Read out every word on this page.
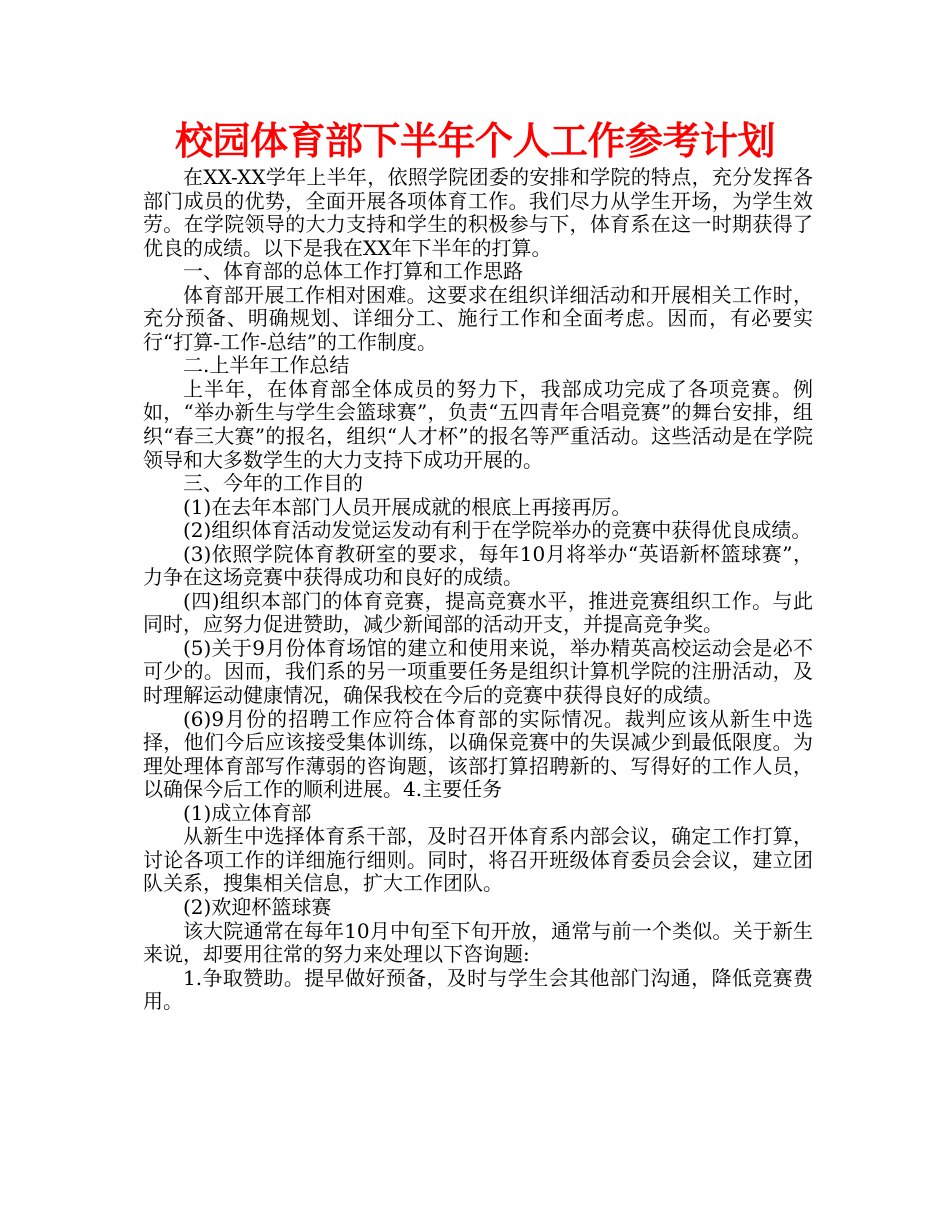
校园体育部下半年个人工作参考计划

在XX-XX学年上半年，依照学院团委的安排和学院的特点，充分发挥各部门成员的优势，全面开展各项体育工作。我们尽力从学生开场，为学生效劳。在学院领导的大力支持和学生的积极参与下，体育系在这一时期获得了优良的成绩。以下是我在XX年下半年的打算。

一、体育部的总体工作打算和工作思路

体育部开展工作相对困难。这要求在组织详细活动和开展相关工作时，充分预备、明确规划、详细分工、施行工作和全面考虑。因而，有必要实行“打算-工作-总结”的工作制度。

二.上半年工作总结

上半年，在体育部全体成员的努力下，我部成功完成了各项竞赛。例如，“举办新生与学生会篮球赛”，负责“五四青年合唱竞赛”的舞台安排，组织“春三大赛”的报名，组织“人才杯”的报名等严重活动。这些活动是在学院领导和大多数学生的大力支持下成功开展的。

三、今年的工作目的

(1)在去年本部门人员开展成就的根底上再接再厉。

(2)组织体育活动发觉运发动有利于在学院举办的竞赛中获得优良成绩。

(3)依照学院体育教研室的要求，每年10月将举办“英语新杯篮球赛”，力争在这场竞赛中获得成功和良好的成绩。

(四)组织本部门的体育竞赛，提高竞赛水平，推进竞赛组织工作。与此同时，应努力促进赞助，减少新闻部的活动开支，并提高竞争奖。

(5)关于9月份体育场馆的建立和使用来说，举办精英高校运动会是必不可少的。因而，我们系的另一项重要任务是组织计算机学院的注册活动，及时理解运动健康情况，确保我校在今后的竞赛中获得良好的成绩。

(6)9月份的招聘工作应符合体育部的实际情况。裁判应该从新生中选择，他们今后应该接受集体训练，以确保竞赛中的失误减少到最低限度。为理处理体育部写作薄弱的咨询题，该部打算招聘新的、写得好的工作人员，以确保今后工作的顺利进展。4.主要任务

(1)成立体育部

从新生中选择体育系干部，及时召开体育系内部会议，确定工作打算，讨论各项工作的详细施行细则。同时，将召开班级体育委员会会议，建立团队关系，搜集相关信息，扩大工作团队。

(2)欢迎杯篮球赛

该大院通常在每年10月中旬至下旬开放，通常与前一个类似。关于新生来说，却要用往常的努力来处理以下咨询题:

1.争取赞助。提早做好预备，及时与学生会其他部门沟通，降低竞赛费用。
